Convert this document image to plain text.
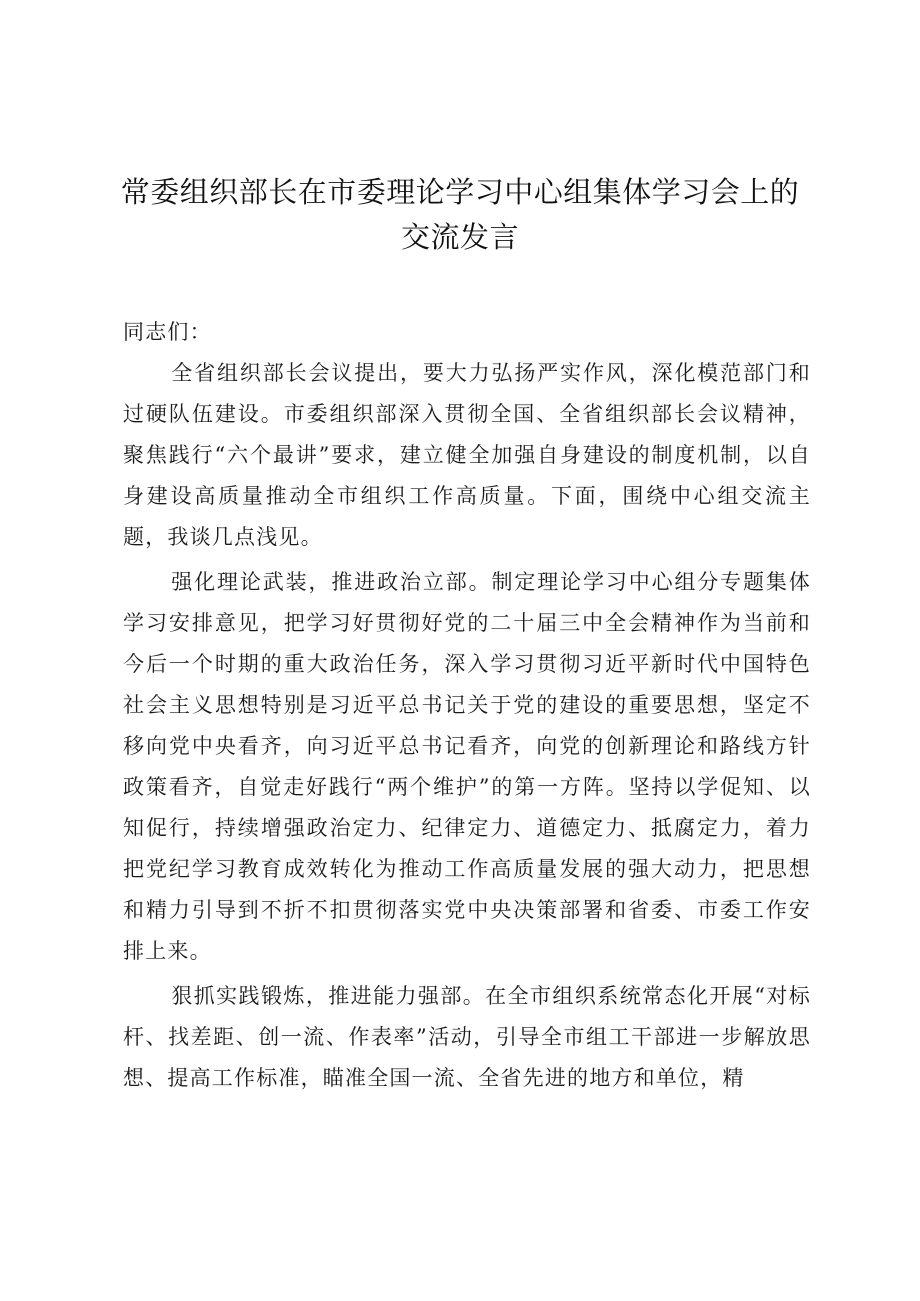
常委组织部长在市委理论学习中心组集体学习会上的交流发言

同志们：

全省组织部长会议提出，要大力弘扬严实作风，深化模范部门和过硬队伍建设。市委组织部深入贯彻全国、全省组织部长会议精神，聚焦践行“六个最讲”要求，建立健全加强自身建设的制度机制，以自身建设高质量推动全市组织工作高质量。下面，围绕中心组交流主题，我谈几点浅见。

强化理论武装，推进政治立部。制定理论学习中心组分专题集体学习安排意见，把学习好贯彻好党的二十届三中全会精神作为当前和今后一个时期的重大政治任务，深入学习贯彻习近平新时代中国特色社会主义思想特别是习近平总书记关于党的建设的重要思想，坚定不移向党中央看齐，向习近平总书记看齐，向党的创新理论和路线方针政策看齐，自觉走好践行“两个维护”的第一方阵。坚持以学促知、以知促行，持续增强政治定力、纪律定力、道德定力、抵腐定力，着力把党纪学习教育成效转化为推动工作高质量发展的强大动力，把思想和精力引导到不折不扣贯彻落实党中央决策部署和省委、市委工作安排上来。

狠抓实践锻炼，推进能力强部。在全市组织系统常态化开展“对标杆、找差距、创一流、作表率”活动，引导全市组工干部进一步解放思想、提高工作标准，瞄准全国一流、全省先进的地方和单位，精
